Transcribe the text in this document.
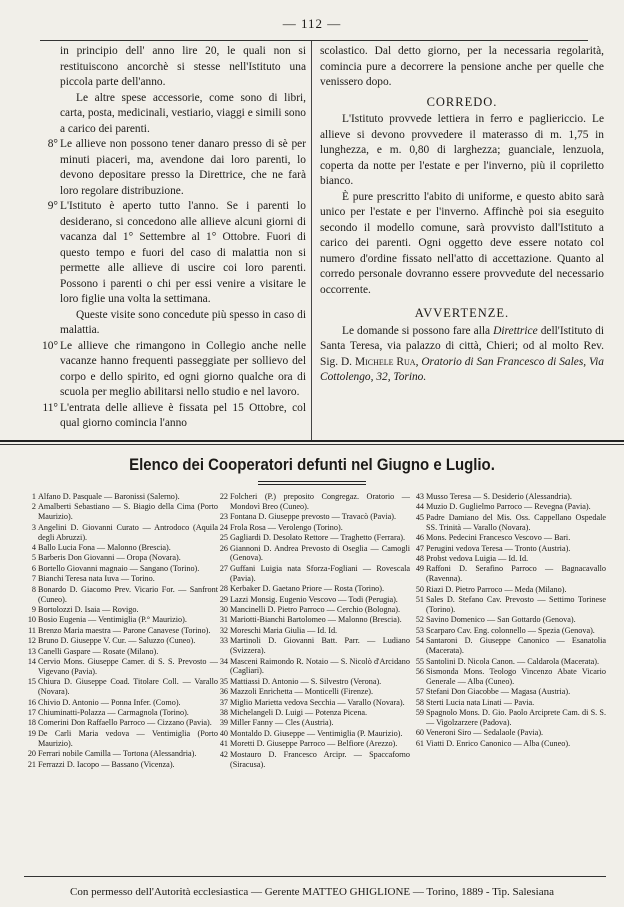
— 112 —
in principio dell' anno lire 20, le quali non si restituiscono ancorchè si stesse nell'Istituto una piccola parte dell'anno.
Le altre spese accessorie, come sono di libri, carta, posta, medicinali, vestiario, viaggi e simili sono a carico dei parenti.
8° Le allieve non possono tener danaro presso di sè per minuti piaceri, ma, avendone dai loro parenti, lo devono depositare presso la Direttrice, che ne farà loro regolare distribuzione.
9° L'Istituto è aperto tutto l'anno. Se i parenti lo desiderano, si concedono alle allieve alcuni giorni di vacanza dal 1° Settembre al 1° Ottobre. Fuori di questo tempo e fuori del caso di malattia non si permette alle allieve di uscire coi loro parenti. Possono i parenti o chi per essi venire a visitare le loro figlie una volta la settimana.
Queste visite sono concedute più spesso in caso di malattia.
10° Le allieve che rimangono in Collegio anche nelle vacanze hanno frequenti passeggiate per sollievo del corpo e dello spirito, ed ogni giorno qualche ora di scuola per meglio abilitarsi nello studio e nel lavoro.
11° L'entrata delle allieve è fissata pel 15 Ottobre, col qual giorno comincia l'anno

scolastico. Dal detto giorno, per la necessaria regolarità, comincia pure a decorrere la pensione anche per quelle che venissero dopo.

CORREDO.

L'Istituto provvede lettiera in ferro e pagliericcio. Le allieve si devono provvedere il materasso di m. 1,75 in lunghezza, e m. 0,80 di larghezza; guanciale, lenzuola, coperta da notte per l'estate e per l'inverno, più il copriletto bianco.

È pure prescritto l'abito di uniforme, e questo abito sarà unico per l'estate e per l'inverno. Affinchè poi sia eseguito secondo il modello comune, sarà provvisto dall'Istituto a carico dei parenti. Ogni oggetto deve essere notato col numero d'ordine fissato nell'atto di accettazione. Quanto al corredo personale dovranno essere provvedute del necessario occorrente.

AVVERTENZE.

Le domande si possono fare alla Direttrice dell'Istituto di Santa Teresa, via palazzo di città, Chieri; od al molto Rev. Sig. D. Michele Rua, Oratorio di San Francesco di Sales, Via Cottolengo, 32, Torino.

Elenco dei Cooperatori defunti nel Giugno e Luglio.
1 Alfano D. Pasquale — Baronissi (Salerno).
2 Amalberti Sebastiano — S. Biagio della Cima (Porto Maurizio).
3 Angelini D. Giovanni Curato — Antrodoco (Aquila degli Abruzzi).
4 Ballo Lucia Fona — Malonno (Brescia).
5 Barberis Don Giovanni — Oropa (Novara).
6 Bortello Giovanni magnaio — Sangano (Torino).
7 Bianchi Teresa nata Iuva — Torino.
8 Bonardo D. Giacomo Prev. Vicario For. — Sanfront (Cuneo).
9 Bortolozzi D. Isaia — Rovigo.
10 Bosio Eugenia — Ventimiglia (P.° Maurizio).
11 Brenzo Maria maestra — Parone Canavese (Torino).
12 Bruno D. Giuseppe V. Cur. — Saluzzo (Cuneo).
13 Canelli Gaspare — Rosate (Milano).
14 Cervio Mons. Giuseppe Camer. di S. S. Prevosto — Vigevano (Pavia).
15 Chiura D. Giuseppe Coad. Titolare Coll. — Varallo (Novara).
16 Chivio D. Antonio — Ponna Infer. (Como).
17 Chiuminatti-Polazza — Carmagnola (Torino).
18 Comerini Don Raffaello Parroco — Cizzano (Pavia).
19 De Carli Maria vedova — Ventimiglia (Porto Maurizio).
20 Ferrari nobile Camilla — Tortona (Alessandria).
21 Ferrazzi D. Iacopo — Bassano (Vicenza).
22 Folcheri (P.) preposito Congregaz. Oratorio — Mondovì Breo (Cuneo).
23 Fontana D. Giuseppe prevosto — Travacò (Pavia).
24 Frola Rosa — Verolengo (Torino).
25 Gagliardi D. Desolato Rettore — Traghetto (Ferrara).
26 Giannoni D. Andrea Prevosto di Oseglia — Camogli (Genova).
27 Guffani Luigia nata Sforza-Fogliani — Rovescala (Pavia).
28 Kerbaker D. Gaetano Priore — Rosta (Torino).
29 Lazzi Monsig. Eugenio Vescovo — Todi (Perugia).
30 Mancinelli D. Pietro Parroco — Cerchio (Bologna).
31 Mariotti-Bianchi Bartolomeo — Malonno (Brescia).
32 Moreschi Maria Giulia — Id. Id.
33 Martinoli D. Giovanni Batt. Parr. — Ludiano (Svizzera).
34 Masceni Raimondo R. Notaio — S. Nicolò d'Arcidano (Cagliari).
35 Mattiassi D. Antonio — S. Silvestro (Verona).
36 Mazzoli Enrichetta — Monticelli (Firenze).
37 Miglio Marietta vedova Secchia — Varallo (Novara).
38 Michelangeli D. Luigi — Potenza Picena.
39 Miller Fanny — Cles (Austria).
40 Montaldo D. Giuseppe — Ventimiglia (P. Maurizio).
41 Moretti D. Giuseppe Parroco — Belfiore (Arezzo).
42 Mostauro D. Francesco Arcipr. — Spaccaforno (Siracusa).
43 Musso Teresa — S. Desiderio (Alessandria).
44 Muzio D. Guglielmo Parroco — Revegna (Pavia).
45 Padre Damiano del Mis. Oss. Cappellano Ospedale SS. Trinità — Varallo (Novara).
46 Mons. Pedecini Francesco Vescovo — Bari.
47 Perugini vedova Teresa — Tronto (Austria).
48 Probst vedova Luigia — Id. Id.
49 Raffoni D. Serafino Parroco — Bagnacavallo (Ravenna).
50 Riazi D. Pietro Parroco — Meda (Milano).
51 Sales D. Stefano Cav. Prevosto — Settimo Torinese (Torino).
52 Savino Domenico — San Gottardo (Genova).
53 Scarparo Cav. Eng. colonnello — Spezia (Genova).
54 Santaroni D. Giuseppe Canonico — Esanatolia (Macerata).
55 Santolini D. Nicola Canon. — Caldarola (Macerata).
56 Sismonda Mons. Teologo Vincenzo Abate Vicario Generale — Alba (Cuneo).
57 Stefani Don Giacobbe — Magasa (Austria).
58 Sterti Lucia nata Linati — Pavia.
59 Spagnolo Mons. D. Gio. Paolo Arciprete Cam. di S. S. — Vigolzarzere (Padova).
60 Veneroni Siro — Sedalaole (Pavia).
61 Viatti D. Enrico Canonico — Alba (Cuneo).
Con permesso dell'Autorità ecclesiastica — Gerente MATTEO GHIGLIONE — Torino, 1889 - Tip. Salesiana
